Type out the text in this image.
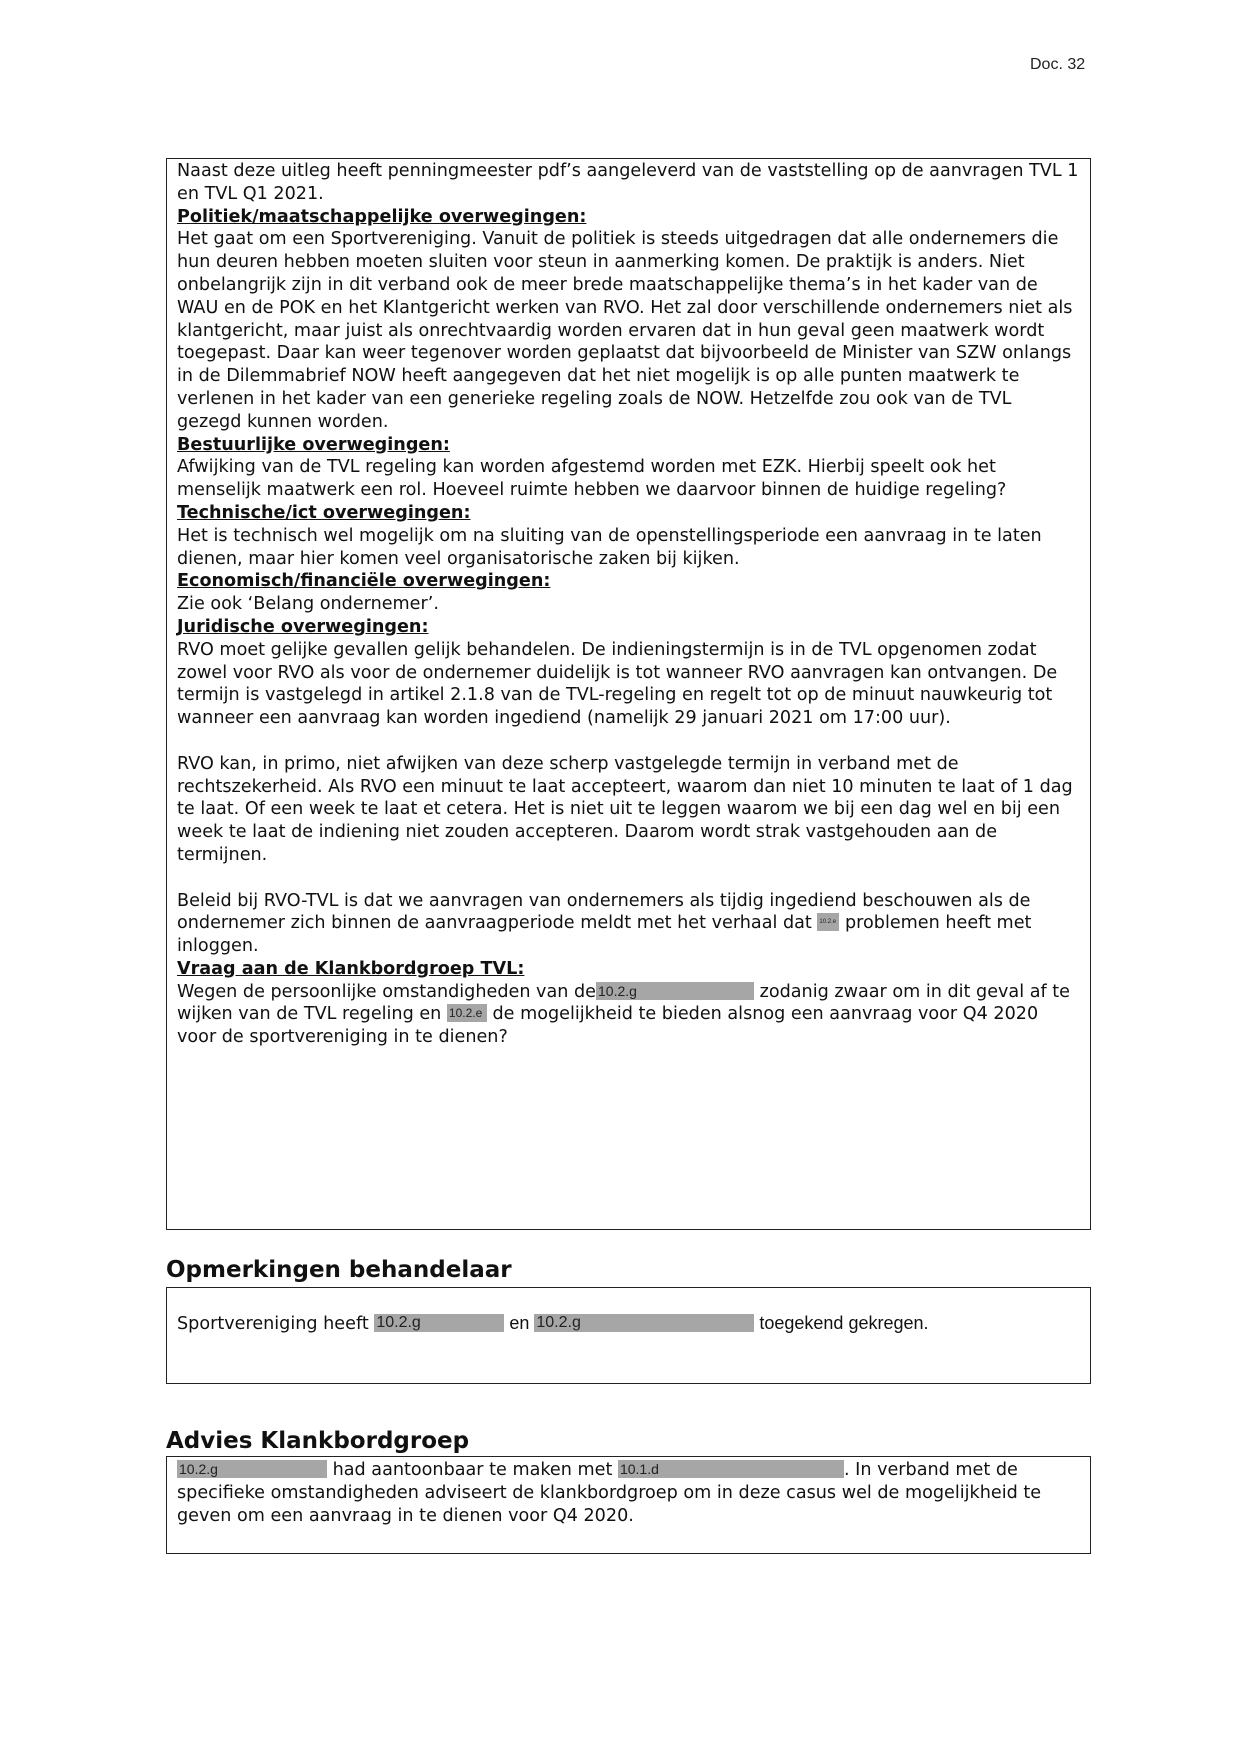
Doc. 32

Naast deze uitleg heeft penningmeester pdf’s aangeleverd van de vaststelling op de aanvragen TVL 1 en TVL Q1 2021.

Politiek/maatschappelijke overwegingen:

Het gaat om een Sportvereniging. Vanuit de politiek is steeds uitgedragen dat alle ondernemers die hun deuren hebben moeten sluiten voor steun in aanmerking komen. De praktijk is anders. Niet onbelangrijk zijn in dit verband ook de meer brede maatschappelijke thema’s in het kader van de WAU en de POK en het Klantgericht werken van RVO. Het zal door verschillende ondernemers niet als klantgericht, maar juist als onrechtvaardig worden ervaren dat in hun geval geen maatwerk wordt toegepast. Daar kan weer tegenover worden geplaatst dat bijvoorbeeld de Minister van SZW onlangs in de Dilemmabrief NOW heeft aangegeven dat het niet mogelijk is op alle punten maatwerk te verlenen in het kader van een generieke regeling zoals de NOW. Hetzelfde zou ook van de TVL gezegd kunnen worden.

Bestuurlijke overwegingen:

Afwijking van de TVL regeling kan worden afgestemd worden met EZK. Hierbij speelt ook het menselijk maatwerk een rol. Hoeveel ruimte hebben we daarvoor binnen de huidige regeling?

Technische/ict overwegingen:

Het is technisch wel mogelijk om na sluiting van de openstellingsperiode een aanvraag in te laten dienen, maar hier komen veel organisatorische zaken bij kijken.

Economisch/financiële overwegingen:

Zie ook ‘Belang ondernemer’.

Juridische overwegingen:

RVO moet gelijke gevallen gelijk behandelen. De indieningstermijn is in de TVL opgenomen zodat zowel voor RVO als voor de ondernemer duidelijk is tot wanneer RVO aanvragen kan ontvangen. De termijn is vastgelegd in artikel 2.1.8 van de TVL-regeling en regelt tot op de minuut nauwkeurig tot wanneer een aanvraag kan worden ingediend (namelijk 29 januari 2021 om 17:00 uur).

RVO kan, in primo, niet afwijken van deze scherp vastgelegde termijn in verband met de rechtszekerheid. Als RVO een minuut te laat accepteert, waarom dan niet 10 minuten te laat of 1 dag te laat. Of een week te laat et cetera. Het is niet uit te leggen waarom we bij een dag wel en bij een week te laat de indiening niet zouden accepteren. Daarom wordt strak vastgehouden aan de termijnen.

Beleid bij RVO-TVL is dat we aanvragen van ondernemers als tijdig ingediend beschouwen als de ondernemer zich binnen de aanvraagperiode meldt met het verhaal dat 10.2.e problemen heeft met inloggen.

Vraag aan de Klankbordgroep TVL:

Wegen de persoonlijke omstandigheden van de 10.2.g	zodanig zwaar om in dit geval af te wijken van de TVL regeling en 10.2.e de mogelijkheid te bieden alsnog een aanvraag voor Q4 2020 voor de sportvereniging in te dienen?

Opmerkingen behandelaar

Sportvereniging heeft 10.2.g	en 10.2.g	toegekend gekregen.

Advies Klankbordgroep

10.2.g	had aantoonbaar te maken met 10.1.d	. In verband met de specifieke omstandigheden adviseert de klankbordgroep om in deze casus wel de mogelijkheid te geven om een aanvraag in te dienen voor Q4 2020.
